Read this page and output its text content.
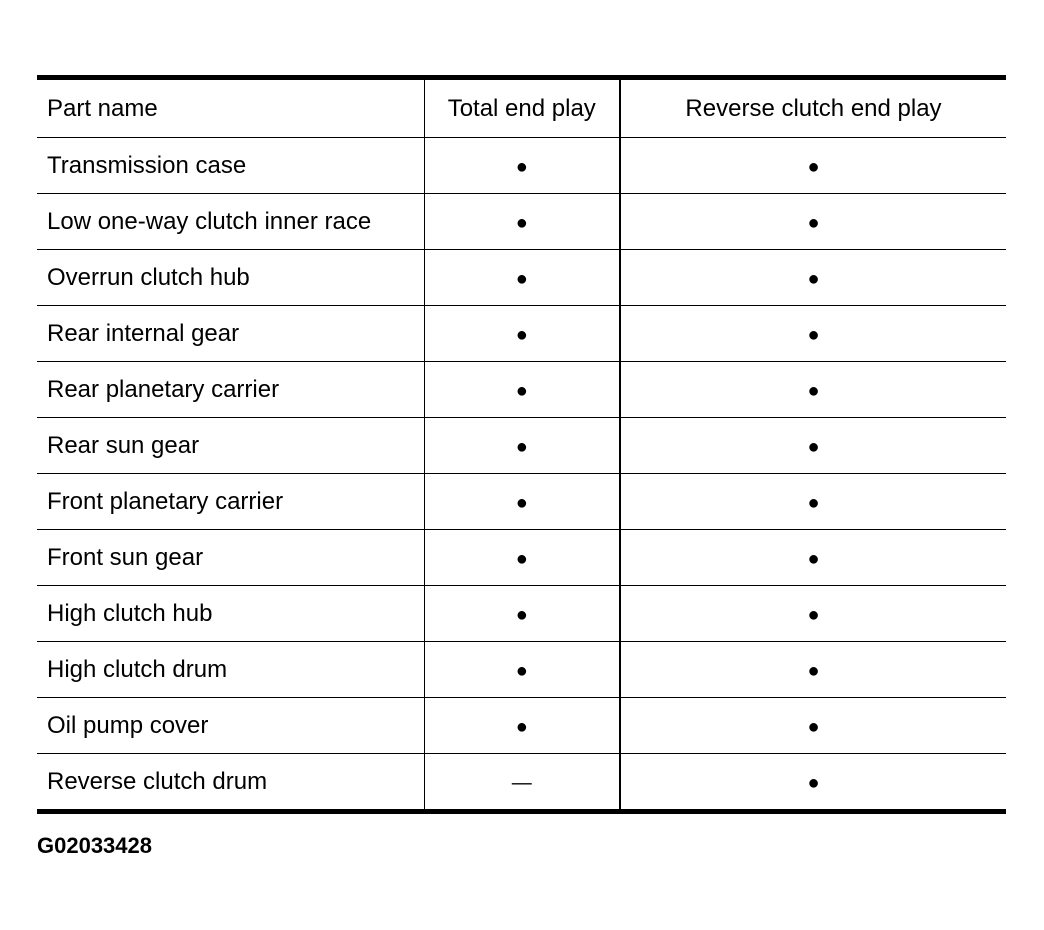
Part name	Total end play	Reverse clutch end play
Transmission case	●	●
Low one-way clutch inner race	●	●
Overrun clutch hub	●	●
Rear internal gear	●	●
Rear planetary carrier	●	●
Rear sun gear	●	●
Front planetary carrier	●	●
Front sun gear	●	●
High clutch hub	●	●
High clutch drum	●	●
Oil pump cover	●	●
Reverse clutch drum	—	●
G02033428
